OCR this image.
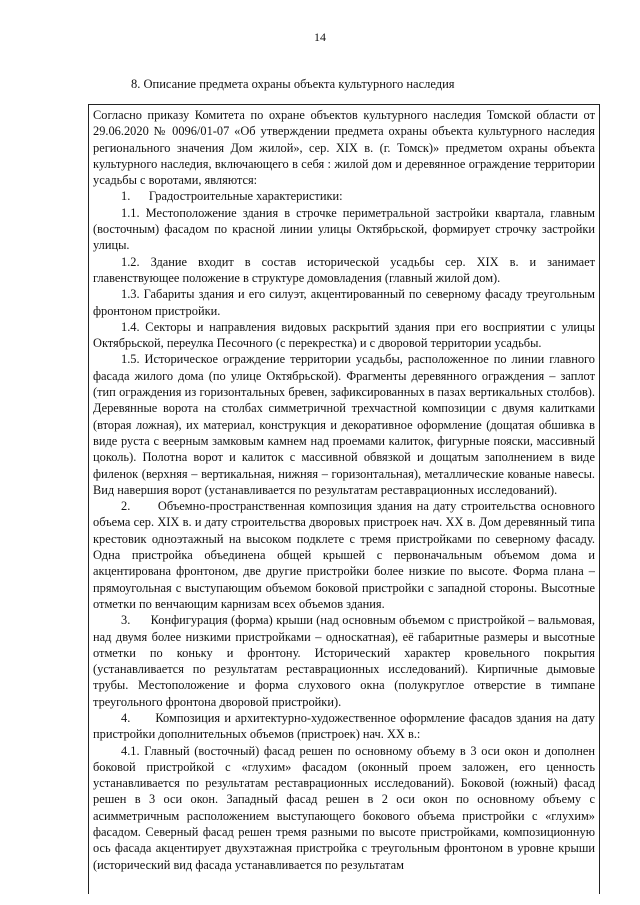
14
8. Описание предмета охраны объекта культурного наследия

Согласно приказу Комитета по охране объектов культурного наследия Томской области от 29.06.2020 № 0096/01-07 «Об утверждении предмета охраны объекта культурного наследия регионального значения Дом жилой», сер. XIX в. (г. Томск)» предметом охраны объекта культурного наследия, включающего в себя : жилой дом и деревянное ограждение территории усадьбы с воротами, являются:

1.      Градостроительные характеристики:

1.1. Местоположение здания в строчке периметральной застройки квартала, главным (восточным) фасадом по красной линии улицы Октябрьской, формирует строчку застройки улицы.

1.2. Здание входит в состав исторической усадьбы сер. XIX в. и занимает главенствующее положение в структуре домовладения (главный жилой дом).

1.3. Габариты здания и его силуэт, акцентированный по северному фасаду треугольным фронтоном пристройки.

1.4. Секторы и направления видовых раскрытий здания при его восприятии с улицы Октябрьской, переулка Песочного (с перекрестка) и с дворовой территории усадьбы.

1.5. Историческое ограждение территории усадьбы, расположенное по линии главного фасада жилого дома (по улице Октябрьской). Фрагменты деревянного ограждения – заплот (тип ограждения из горизонтальных бревен, зафиксированных в пазах вертикальных столбов). Деревянные ворота на столбах симметричной трехчастной композиции с двумя калитками (вторая ложная), их материал, конструкция и декоративное оформление (дощатая обшивка в виде руста с веерным замковым камнем над проемами калиток, фигурные пояски, массивный цоколь). Полотна ворот и калиток с массивной обвязкой и дощатым заполнением в виде филенок (верхняя – вертикальная, нижняя – горизонтальная), металлические кованые навесы. Вид навершия ворот (устанавливается по результатам реставрационных исследований).

2.      Объемно-пространственная композиция здания на дату строительства основного объема сер. XIX в. и дату строительства дворовых пристроек нач. XX в. Дом деревянный типа крестовик одноэтажный на высоком подклете с тремя пристройками по северному фасаду. Одна пристройка объединена общей крышей с первоначальным объемом дома и акцентирована фронтоном, две другие пристройки более низкие по высоте. Форма плана – прямоугольная с выступающим объемом боковой пристройки с западной стороны. Высотные отметки по венчающим карнизам всех объемов здания.

3.      Конфигурация (форма) крыши (над основным объемом с пристройкой – вальмовая, над двумя более низкими пристройками – односкатная), её габаритные размеры и высотные отметки по коньку и фронтону. Исторический характер кровельного покрытия (устанавливается по результатам реставрационных исследований). Кирпичные дымовые трубы. Местоположение и форма слухового окна (полукруглое отверстие в тимпане треугольного фронтона дворовой пристройки).

4.      Композиция и архитектурно-художественное оформление фасадов здания на дату пристройки дополнительных объемов (пристроек) нач. XX в.:

4.1. Главный (восточный) фасад решен по основному объему в 3 оси окон и дополнен боковой пристройкой с «глухим» фасадом (оконный проем заложен, его ценность устанавливается по результатам реставрационных исследований). Боковой (южный) фасад решен в 3 оси окон. Западный фасад решен в 2 оси окон по основному объему с асимметричным расположением выступающего бокового объема пристройки с «глухим» фасадом. Северный фасад решен тремя разными по высоте пристройками, композиционную ось фасада акцентирует двухэтажная пристройка с треугольным фронтоном в уровне крыши (исторический вид фасада устанавливается по результатам
